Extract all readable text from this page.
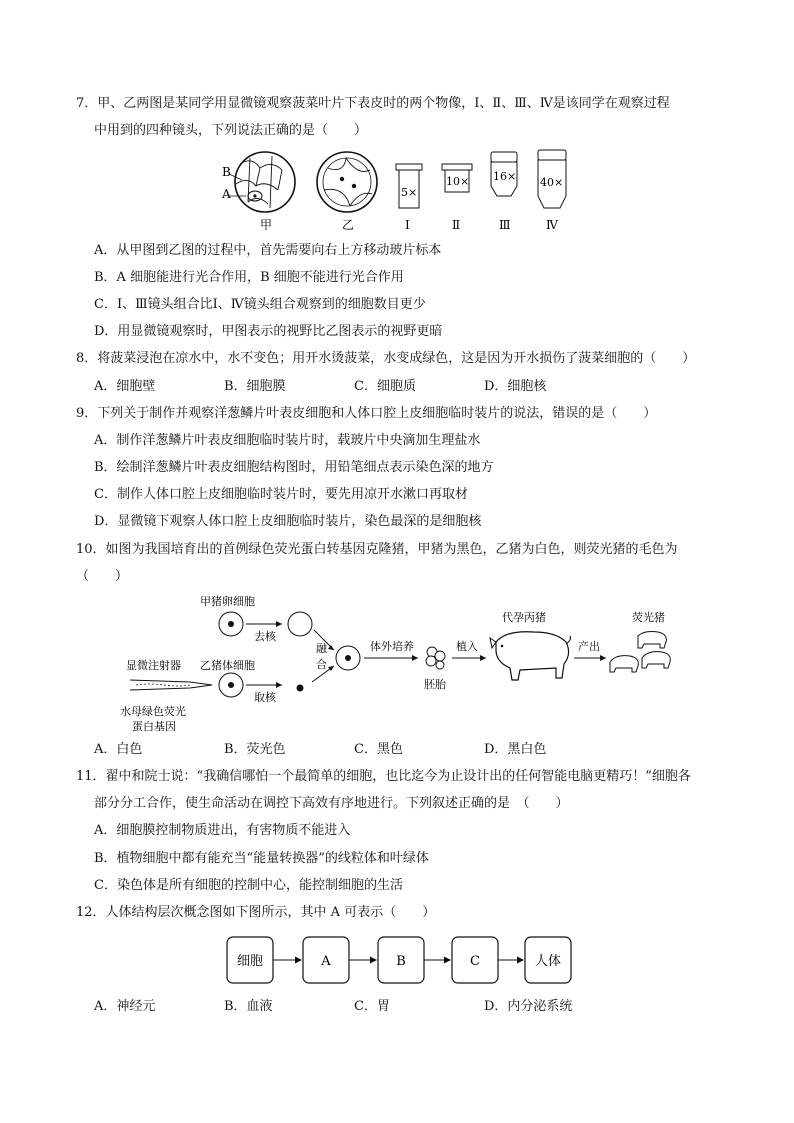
7．甲、乙两图是某同学用显微镜观察菠菜叶片下表皮时的两个物像，Ⅰ、Ⅱ、Ⅲ、Ⅳ是该同学在观察过程
中用到的四种镜头，下列说法正确的是（　　）
B
A
甲	乙
5×
Ⅰ
10×
Ⅱ
16×
Ⅲ
40×
Ⅳ
A．从甲图到乙图的过程中，首先需要向右上方移动玻片标本
B．A 细胞能进行光合作用，B 细胞不能进行光合作用
C．Ⅰ、Ⅲ镜头组合比Ⅰ、Ⅳ镜头组合观察到的细胞数目更少
D．用显微镜观察时，甲图表示的视野比乙图表示的视野更暗
8．将菠菜浸泡在凉水中，水不变色；用开水烫菠菜，水变成绿色，这是因为开水损伤了菠菜细胞的（　　）
A．细胞壁	B．细胞膜	C．细胞质	D．细胞核
9．下列关于制作并观察洋葱鳞片叶表皮细胞和人体口腔上皮细胞临时装片的说法，错误的是（　　）
A．制作洋葱鳞片叶表皮细胞临时装片时，载玻片中央滴加生理盐水
B．绘制洋葱鳞片叶表皮细胞结构图时，用铅笔细点表示染色深的地方
C．制作人体口腔上皮细胞临时装片时，要先用凉开水漱口再取材
D．显微镜下观察人体口腔上皮细胞临时装片，染色最深的是细胞核
10．如图为我国培育出的首例绿色荧光蛋白转基因克隆猪，甲猪为黑色，乙猪为白色，则荧光猪的毛色为
（　　）
甲猪卵细胞
去核
显微注射器 乙猪体细胞
取核
水母绿色荧光
蛋白基因
融
合
体外培养
胚胎
植入
代孕丙猪
产出
荧光猪
A．白色	B．荧光色	C．黑色	D．黑白色
11．翟中和院士说：“我确信哪怕一个最简单的细胞，也比迄今为止设计出的任何智能电脑更精巧！”细胞各
部分分工合作，使生命活动在调控下高效有序地进行。下列叙述正确的是　（　　）
A．细胞膜控制物质进出，有害物质不能进入
B．植物细胞中都有能充当“能量转换器”的线粒体和叶绿体
C．染色体是所有细胞的控制中心，能控制细胞的生活
12．人体结构层次概念图如下图所示，其中 A 可表示（　　）
细胞	A	B	C	人体
A．神经元	B．血液	C．胃	D．内分泌系统
